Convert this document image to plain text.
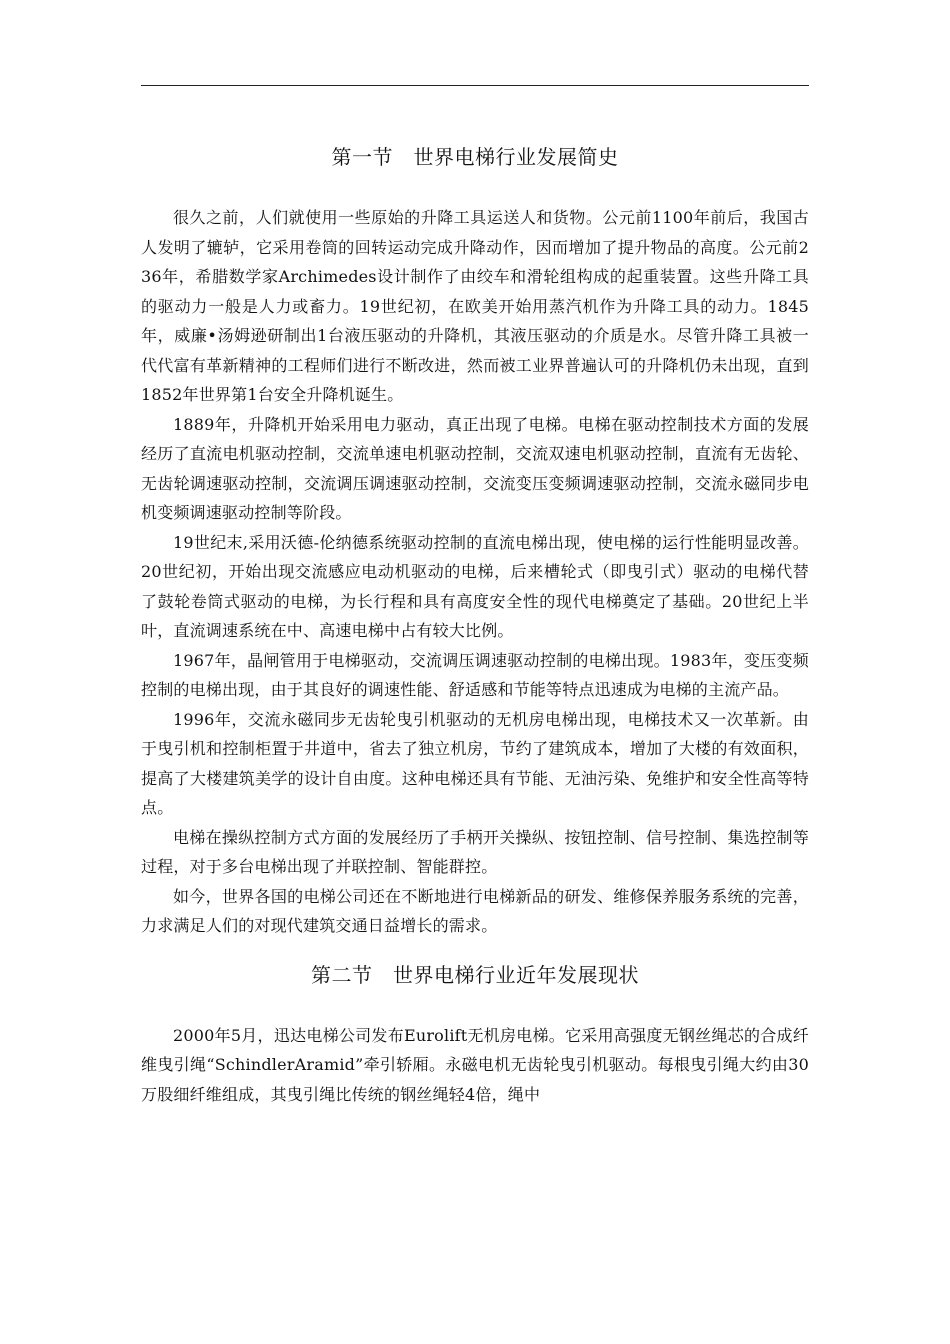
第一节　世界电梯行业发展简史

很久之前，人们就使用一些原始的升降工具运送人和货物。公元前1100年前后，我国古人发明了辘轳，它采用卷筒的回转运动完成升降动作，因而增加了提升物品的高度。公元前236年，希腊数学家Archimedes设计制作了由绞车和滑轮组构成的起重装置。这些升降工具的驱动力一般是人力或畜力。19世纪初，在欧美开始用蒸汽机作为升降工具的动力。1845年，威廉•汤姆逊研制出1台液压驱动的升降机，其液压驱动的介质是水。尽管升降工具被一代代富有革新精神的工程师们进行不断改进，然而被工业界普遍认可的升降机仍未出现，直到1852年世界第1台安全升降机诞生。

1889年，升降机开始采用电力驱动，真正出现了电梯。电梯在驱动控制技术方面的发展经历了直流电机驱动控制，交流单速电机驱动控制，交流双速电机驱动控制，直流有无齿轮、无齿轮调速驱动控制，交流调压调速驱动控制，交流变压变频调速驱动控制，交流永磁同步电机变频调速驱动控制等阶段。

19世纪末,采用沃德-伦纳德系统驱动控制的直流电梯出现，使电梯的运行性能明显改善。20世纪初，开始出现交流感应电动机驱动的电梯，后来槽轮式（即曳引式）驱动的电梯代替了鼓轮卷筒式驱动的电梯，为长行程和具有高度安全性的现代电梯奠定了基础。20世纪上半叶，直流调速系统在中、高速电梯中占有较大比例。

1967年，晶闸管用于电梯驱动，交流调压调速驱动控制的电梯出现。1983年，变压变频控制的电梯出现，由于其良好的调速性能、舒适感和节能等特点迅速成为电梯的主流产品。

1996年，交流永磁同步无齿轮曳引机驱动的无机房电梯出现，电梯技术又一次革新。由于曳引机和控制柜置于井道中，省去了独立机房，节约了建筑成本，增加了大楼的有效面积，提高了大楼建筑美学的设计自由度。这种电梯还具有节能、无油污染、免维护和安全性高等特点。

电梯在操纵控制方式方面的发展经历了手柄开关操纵、按钮控制、信号控制、集选控制等过程，对于多台电梯出现了并联控制、智能群控。

如今，世界各国的电梯公司还在不断地进行电梯新品的研发、维修保养服务系统的完善，力求满足人们的对现代建筑交通日益增长的需求。

第二节　世界电梯行业近年发展现状

2000年5月，迅达电梯公司发布Eurolift无机房电梯。它采用高强度无钢丝绳芯的合成纤维曳引绳“SchindlerAramid”牵引轿厢。永磁电机无齿轮曳引机驱动。每根曳引绳大约由30万股细纤维组成，其曳引绳比传统的钢丝绳轻4倍，绳中
